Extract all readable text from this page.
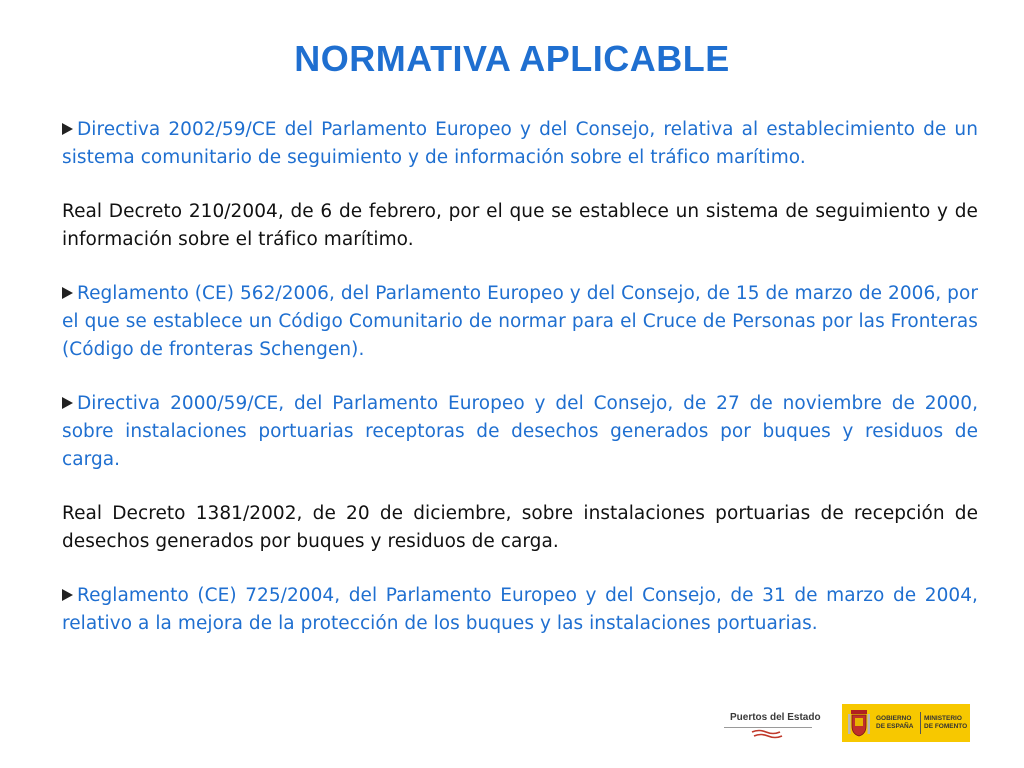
NORMATIVA APLICABLE

Directiva 2002/59/CE del Parlamento Europeo y del Consejo, relativa al establecimiento de un sistema comunitario de seguimiento y de información sobre el tráfico marítimo.

Real Decreto 210/2004, de 6 de febrero, por el que se establece un sistema de seguimiento y de información sobre el tráfico marítimo.

Reglamento (CE) 562/2006, del Parlamento Europeo y del Consejo, de 15 de marzo de 2006, por el que se establece un Código Comunitario de normar para el Cruce de Personas por las Fronteras (Código de fronteras Schengen).

Directiva 2000/59/CE, del Parlamento Europeo y del Consejo, de 27 de noviembre de 2000, sobre instalaciones portuarias receptoras de desechos generados por buques y residuos de carga.

Real Decreto 1381/2002, de 20 de diciembre, sobre instalaciones portuarias de recepción de desechos generados por buques y residuos de carga.

Reglamento (CE) 725/2004, del Parlamento Europeo y del Consejo, de 31 de marzo de 2004, relativo a la mejora de la protección de los buques y las instalaciones portuarias.

Puertos del Estado	GOBIERNO
DE ESPAÑA
MINISTERIO
DE FOMENTO
